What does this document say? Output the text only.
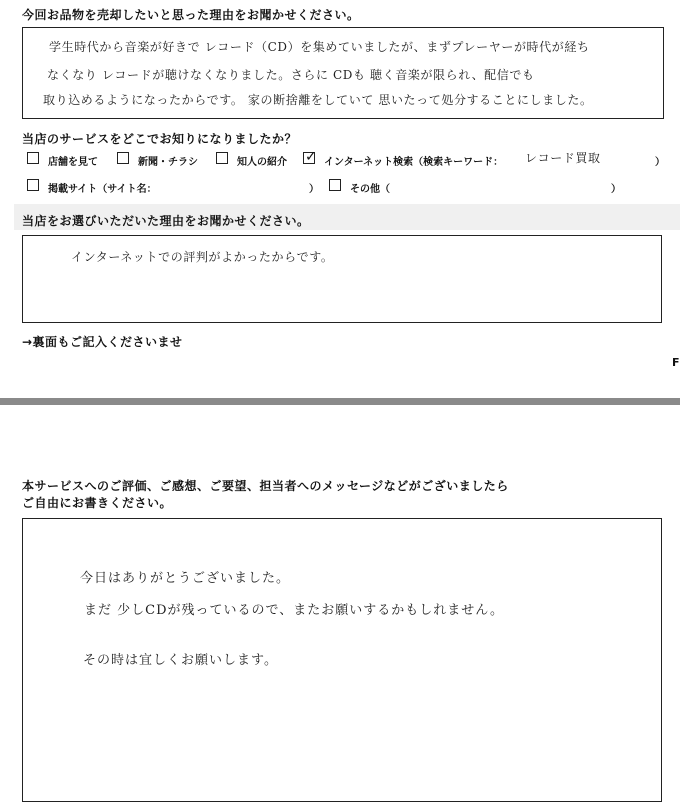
今回お品物を売却したいと思った理由をお聞かせください。
学生時代から音楽が好きで レコード（CD）を集めていましたが、まずプレーヤーが時代が経ち
なくなり レコードが聴けなくなりました。さらに CDも 聴く音楽が限られ、配信でも
取り込めるようになったからです。 家の断捨離をしていて 思いたって処分することにしました。
当店のサービスをどこでお知りになりましたか？
店舗を見て	新聞・チラシ	知人の紹介 ✓ インターネット検索（検索キーワード： レコード買取	）
掲載サイト（サイト名：	）	その他（	）
当店をお選びいただいた理由をお聞かせください。
インターネットでの評判がよかったからです。
→裏面もご記入くださいませ
F
本サービスへのご評価、ご感想、ご要望、担当者へのメッセージなどがございましたら
ご自由にお書きください。
今日はありがとうございました。
まだ 少しCDが残っているので、またお願いするかもしれません。
その時は宜しくお願いします。
